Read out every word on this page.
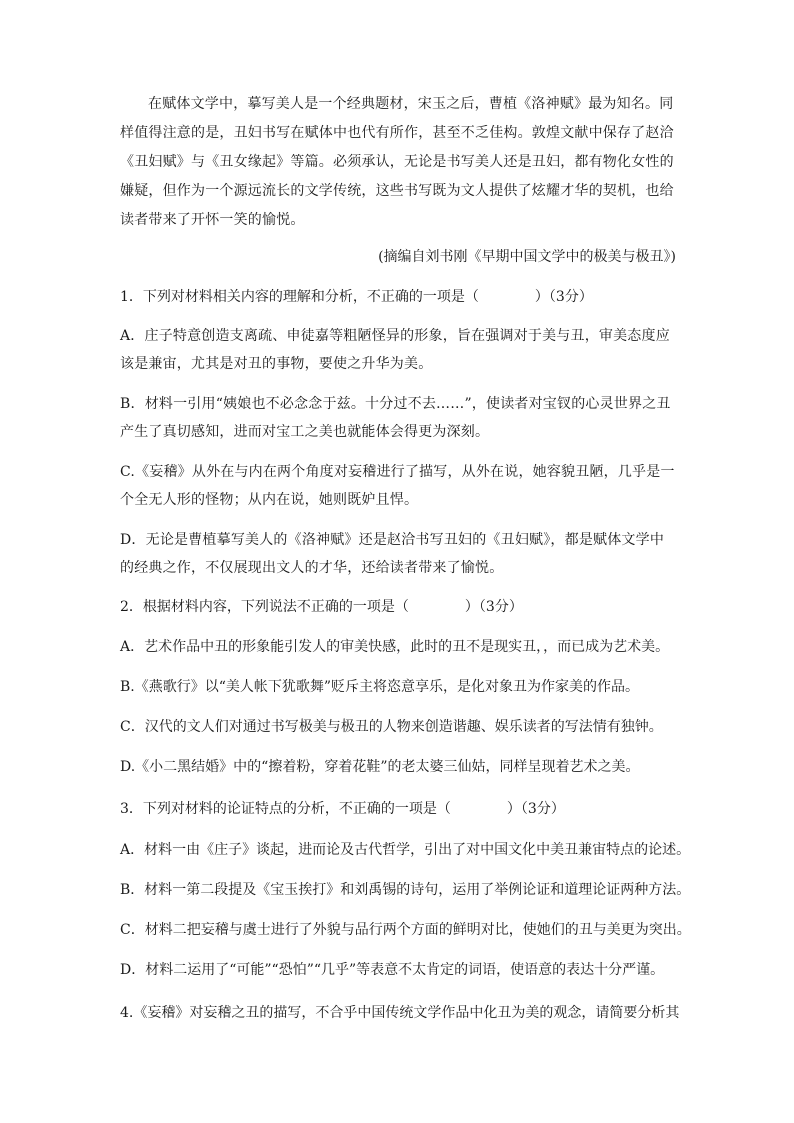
在赋体文学中，摹写美人是一个经典题材，宋玉之后，曹植《洛神赋》最为知名。同样值得注意的是，丑妇书写在赋体中也代有所作，甚至不乏佳构。敦煌文献中保存了赵洽《丑妇赋》与《丑女缘起》等篇。必须承认，无论是书写美人还是丑妇，都有物化女性的嫌疑，但作为一个源远流长的文学传统，这些书写既为文人提供了炫耀才华的契机，也给读者带来了开怀一笑的愉悦。
(摘编自刘书刚《早期中国文学中的极美与极丑》)
1．下列对材料相关内容的理解和分析，不正确的一项是（　　　　）（3分）
A．庄子特意创造支离疏、申徒嘉等粗陋怪异的形象，旨在强调对于美与丑，审美态度应该是兼宙，尤其是对丑的事物，要使之升华为美。
B．材料一引用“姨娘也不必念念于兹。十分过不去……”，使读者对宝钗的心灵世界之丑产生了真切感知，进而对宝工之美也就能体会得更为深刻。
C.《妄稽》从外在与内在两个角度对妄稽进行了描写，从外在说，她容貌丑陋，几乎是一个全无人形的怪物；从内在说，她则既妒且悍。
D．无论是曹植摹写美人的《洛神赋》还是赵洽书写丑妇的《丑妇赋》，都是赋体文学中的经典之作，不仅展现出文人的才华，还给读者带来了愉悦。
2．根据材料内容，下列说法不正确的一项是（　　　　）（3分）
A．艺术作品中丑的形象能引发人的审美快感，此时的丑不是现实丑，，而已成为艺术美。
B.《燕歌行》以“美人帐下犹歌舞”贬斥主将恣意享乐，是化对象丑为作家美的作品。
C．汉代的文人们对通过书写极美与极丑的人物来创造谐趣、娱乐读者的写法情有独钟。
D.《小二黑结婚》中的“擦着粉，穿着花鞋”的老太婆三仙姑，同样呈现着艺术之美。
3．下列对材料的论证特点的分析，不正确的一项是（　　　　）（3分）
A．材料一由《庄子》谈起，进而论及古代哲学，引出了对中国文化中美丑兼宙特点的论述。
B．材料一第二段提及《宝玉挨打》和刘禹锡的诗句，运用了举例论证和道理论证两种方法。
C．材料二把妄稽与虞士进行了外貌与品行两个方面的鲜明对比，使她们的丑与美更为突出。
D．材料二运用了“可能”“恐怕”“几乎”等表意不太肯定的词语，使语意的表达十分严谨。
4.《妄稽》对妄稽之丑的描写，不合乎中国传统文学作品中化丑为美的观念，请简要分析其
